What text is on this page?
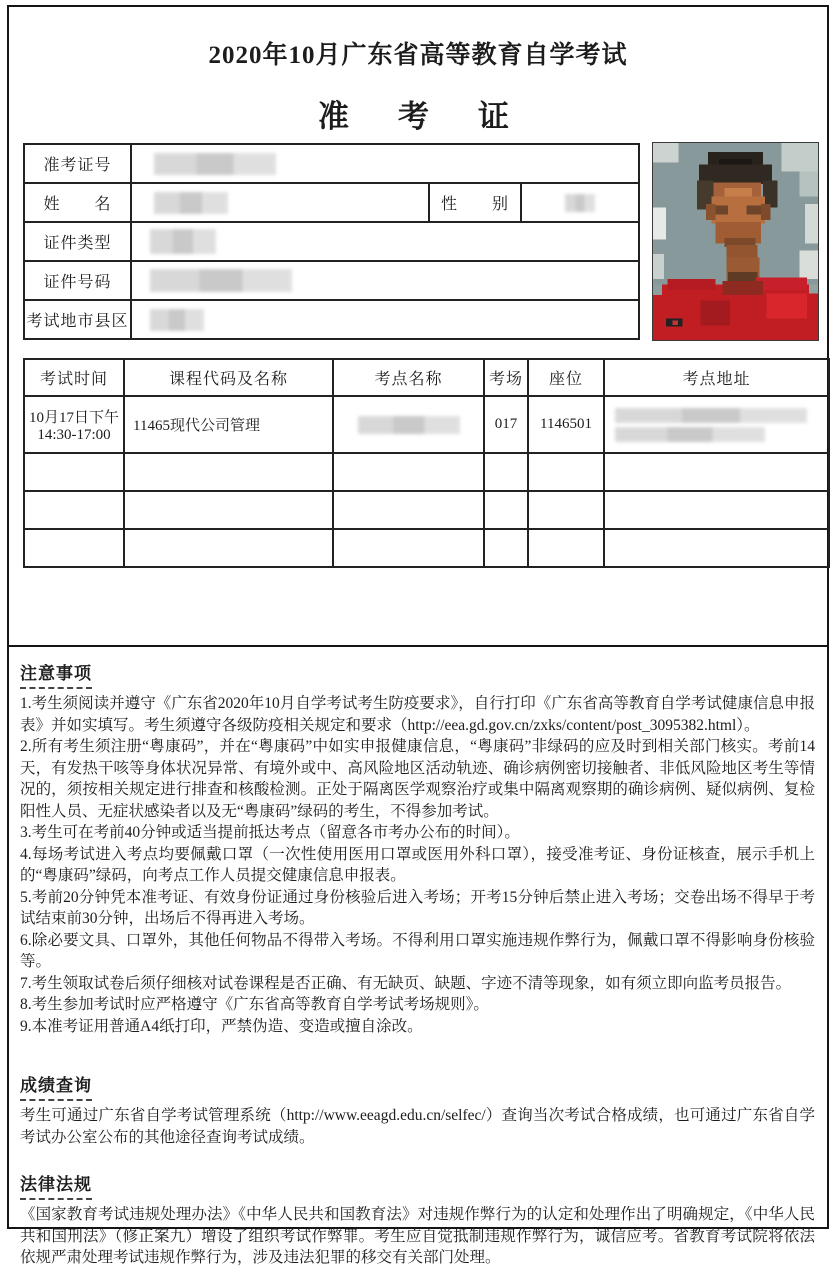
2020年10月广东省高等教育自学考试
准　考　证
准考证号			
姓　　名		性　　别	
证件类型			
证件号码			
考试地市县区			
考试时间	课程代码及名称	考点名称	考场	座位	考点地址

10月17日下午
14:30-17:00	11465现代公司管理		017	1146501	

注意事项

1.考生须阅读并遵守《广东省2020年10月自学考试考生防疫要求》，自行打印《广东省高等教育自学考试健康信息申报表》并如实填写。考生须遵守各级防疫相关规定和要求（http://eea.gd.gov.cn/zxks/content/post_3095382.html）。

2.所有考生须注册“粤康码”，并在“粤康码”中如实申报健康信息，“粤康码”非绿码的应及时到相关部门核实。考前14天，有发热干咳等身体状况异常、有境外或中、高风险地区活动轨迹、确诊病例密切接触者、非低风险地区考生等情况的，须按相关规定进行排查和核酸检测。正处于隔离医学观察治疗或集中隔离观察期的确诊病例、疑似病例、复检阳性人员、无症状感染者以及无“粤康码”绿码的考生，不得参加考试。

3.考生可在考前40分钟或适当提前抵达考点（留意各市考办公布的时间）。

4.每场考试进入考点均要佩戴口罩（一次性使用医用口罩或医用外科口罩），接受准考证、身份证核查，展示手机上的“粤康码”绿码，向考点工作人员提交健康信息申报表。

5.考前20分钟凭本准考证、有效身份证通过身份核验后进入考场；开考15分钟后禁止进入考场；交卷出场不得早于考试结束前30分钟，出场后不得再进入考场。

6.除必要文具、口罩外，其他任何物品不得带入考场。不得利用口罩实施违规作弊行为，佩戴口罩不得影响身份核验等。

7.考生领取试卷后须仔细核对试卷课程是否正确、有无缺页、缺题、字迹不清等现象，如有须立即向监考员报告。

8.考生参加考试时应严格遵守《广东省高等教育自学考试考场规则》。

9.本准考证用普通A4纸打印，严禁伪造、变造或擅自涂改。

成绩查询
考生可通过广东省自学考试管理系统（http://www.eeagd.edu.cn/selfec/）查询当次考试合格成绩，也可通过广东省自学考试办公室公布的其他途径查询考试成绩。
法律法规
《国家教育考试违规处理办法》《中华人民共和国教育法》对违规作弊行为的认定和处理作出了明确规定，《中华人民共和国刑法》（修正案九）增设了组织考试作弊罪。考生应自觉抵制违规作弊行为，诚信应考。省教育考试院将依法依规严肃处理考试违规作弊行为，涉及违法犯罪的移交有关部门处理。
